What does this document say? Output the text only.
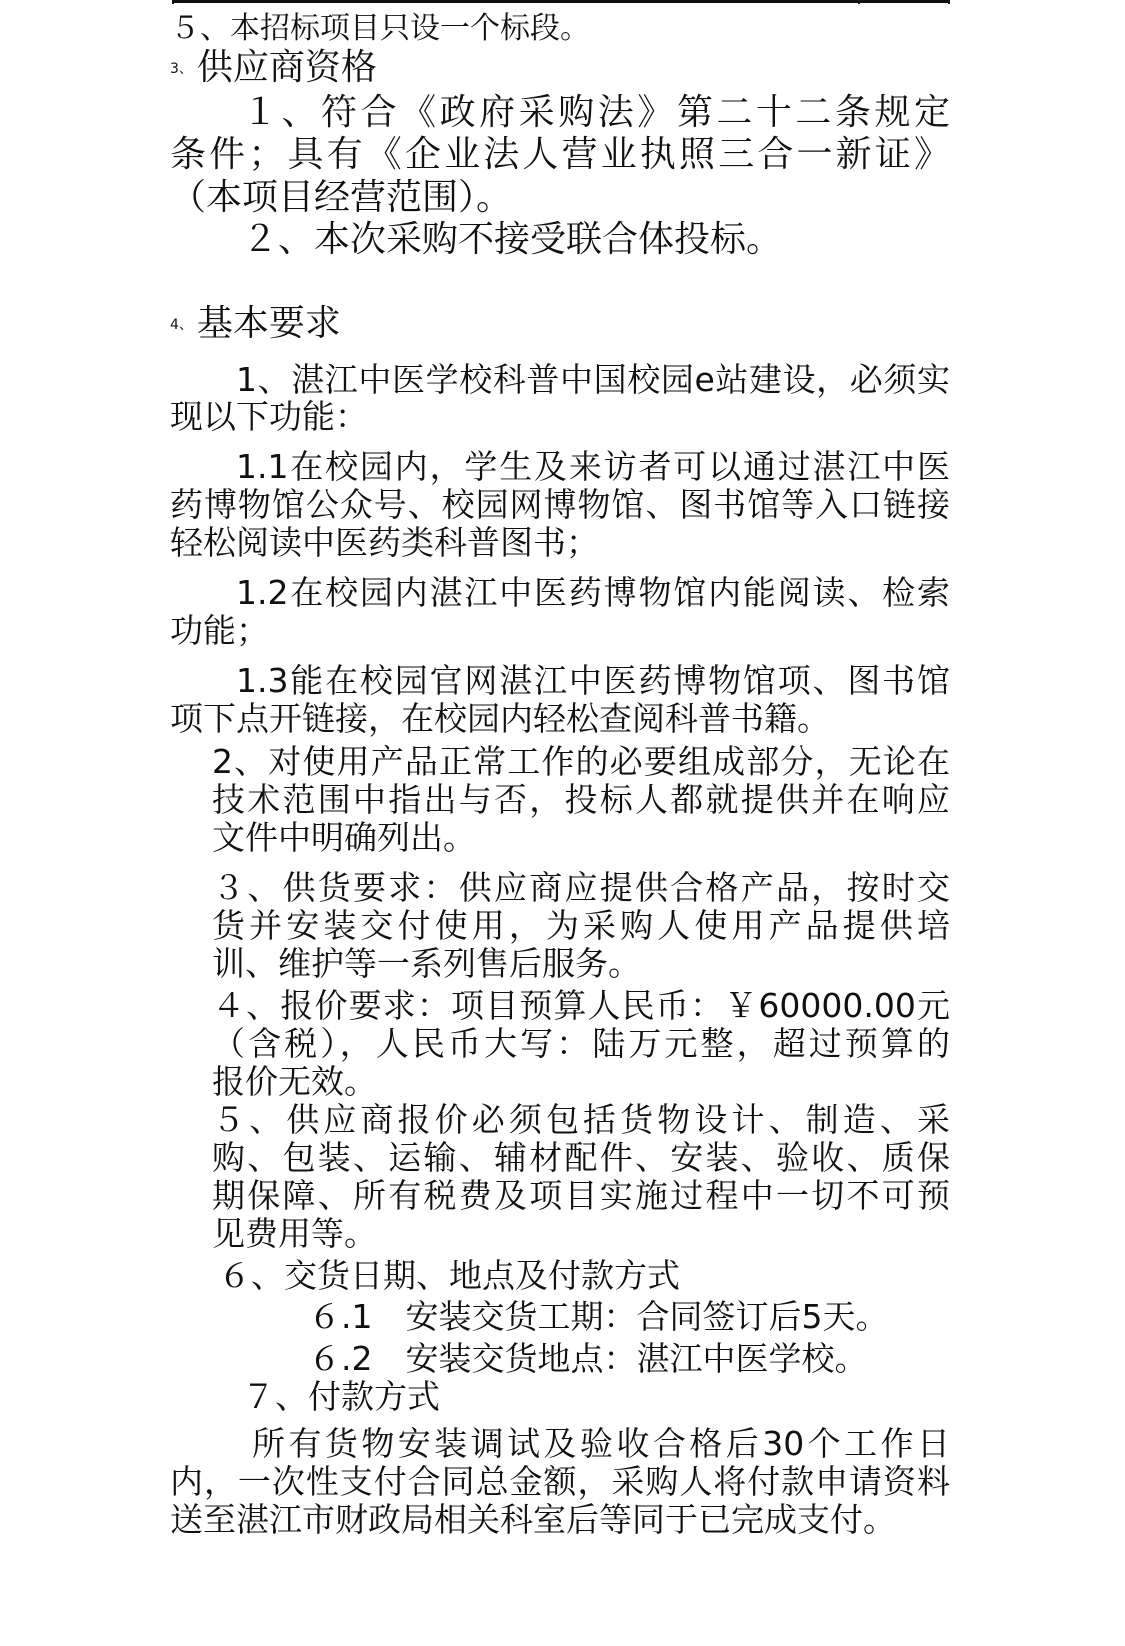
５、本招标项目只设一个标段。
3、 供应商资格
１、符合《政府采购法》第二十二条规定
条件；具有《企业法人营业执照三合一新证》
（本项目经营范围）。
２、本次采购不接受联合体投标。
4、 基本要求
1、湛江中医学校科普中国校园e站建设，必须实
现以下功能：
1.1在校园内，学生及来访者可以通过湛江中医
药博物馆公众号、校园网博物馆、图书馆等入口链接
轻松阅读中医药类科普图书；
1.2在校园内湛江中医药博物馆内能阅读、检索
功能；
1.3能在校园官网湛江中医药博物馆项、图书馆
项下点开链接，在校园内轻松查阅科普书籍。
2、对使用产品正常工作的必要组成部分，无论在
技术范围中指出与否，投标人都就提供并在响应
文件中明确列出。
３、供货要求：供应商应提供合格产品，按时交
货并安装交付使用，为采购人使用产品提供培
训、维护等一系列售后服务。
４、报价要求：项目预算人民币：￥60000.00元
（含税），人民币大写：陆万元整，超过预算的
报价无效。
５、供应商报价必须包括货物设计、制造、采
购、包装、运输、辅材配件、安装、验收、质保
期保障、所有税费及项目实施过程中一切不可预
见费用等。
６、交货日期、地点及付款方式
６.1　安装交货工期：合同签订后5天。
６.2　安装交货地点：湛江中医学校。
７、付款方式
所有货物安装调试及验收合格后30个工作日
内，一次性支付合同总金额，采购人将付款申请资料
送至湛江市财政局相关科室后等同于已完成支付。
